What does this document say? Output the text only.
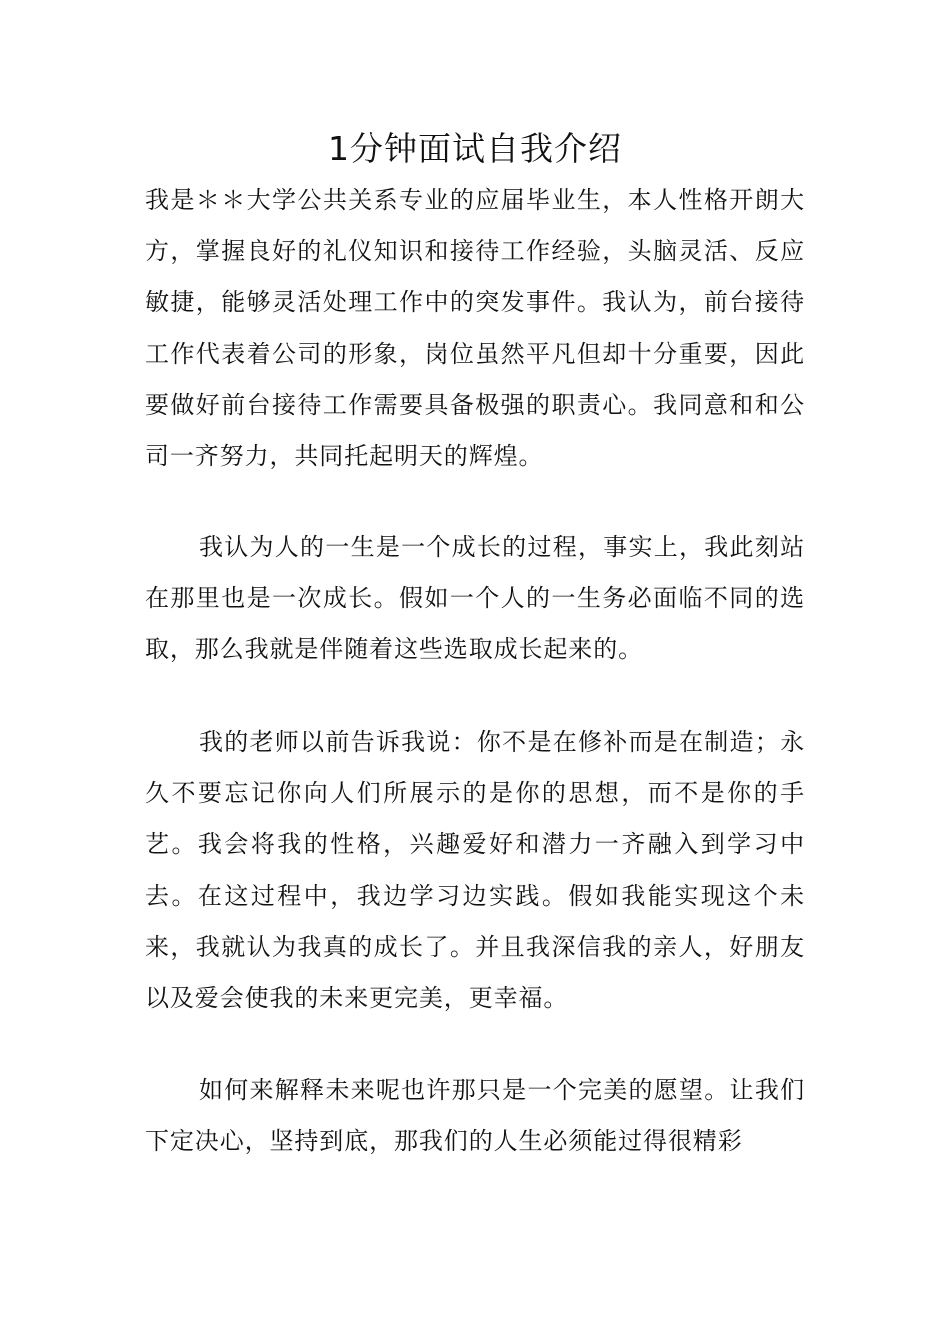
1分钟面试自我介绍

我是＊＊大学公共关系专业的应届毕业生，本人性格开朗大方，掌握良好的礼仪知识和接待工作经验，头脑灵活、反应敏捷，能够灵活处理工作中的突发事件。我认为，前台接待工作代表着公司的形象，岗位虽然平凡但却十分重要，因此要做好前台接待工作需要具备极强的职责心。我同意和和公司一齐努力，共同托起明天的辉煌。

我认为人的一生是一个成长的过程，事实上，我此刻站在那里也是一次成长。假如一个人的一生务必面临不同的选取，那么我就是伴随着这些选取成长起来的。

我的老师以前告诉我说：你不是在修补而是在制造；永久不要忘记你向人们所展示的是你的思想，而不是你的手艺。我会将我的性格，兴趣爱好和潜力一齐融入到学习中去。在这过程中，我边学习边实践。假如我能实现这个未来，我就认为我真的成长了。并且我深信我的亲人，好朋友以及爱会使我的未来更完美，更幸福。

如何来解释未来呢也许那只是一个完美的愿望。让我们下定决心，坚持到底，那我们的人生必须能过得很精彩
